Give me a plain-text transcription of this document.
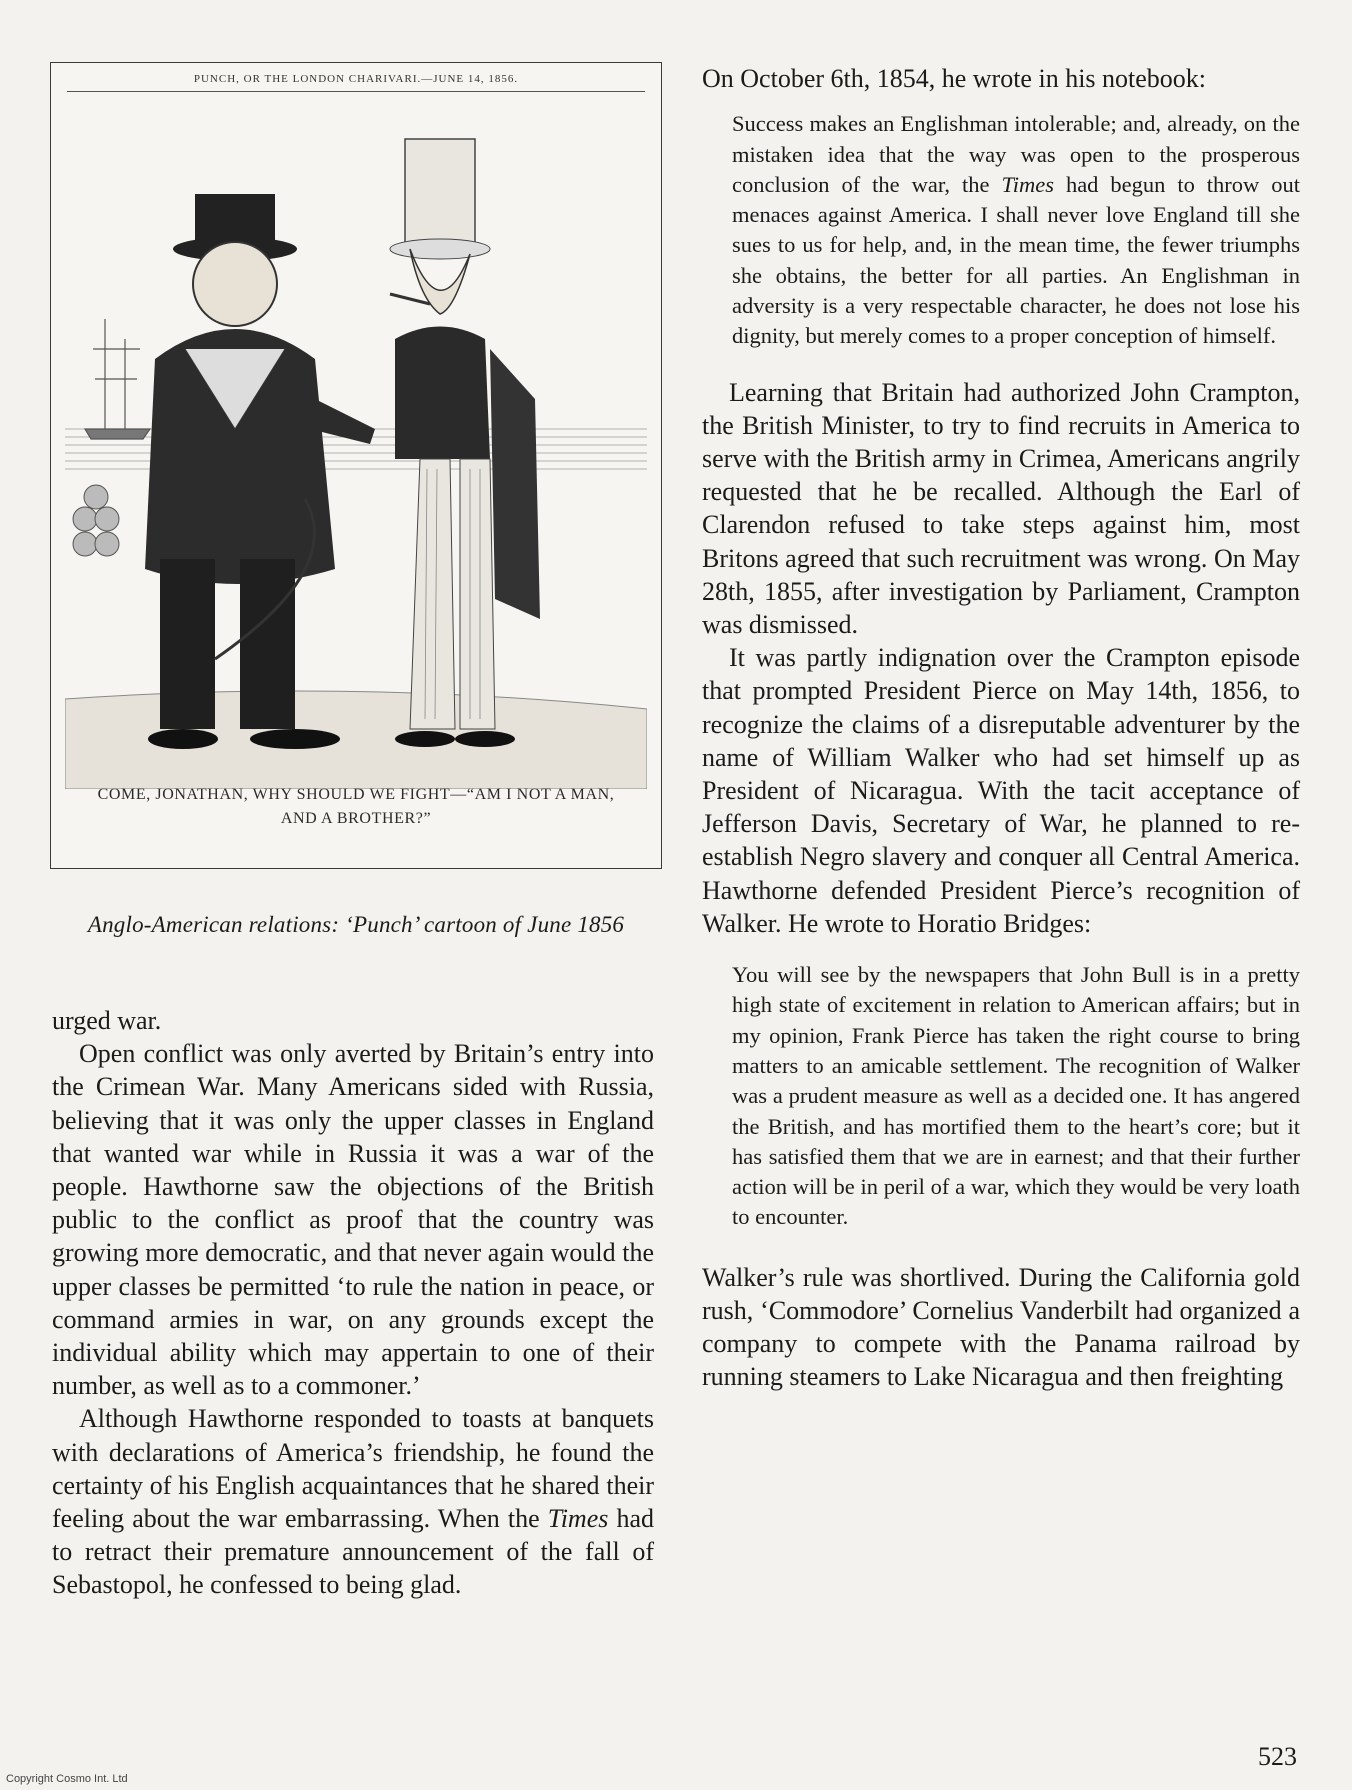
PUNCH, OR THE LONDON CHARIVARI.—JUNE 14, 1856.
COME, JONATHAN, WHY SHOULD WE FIGHT—“AM I NOT A MAN,
AND A BROTHER?”
Anglo-American relations: ‘Punch’ cartoon of June 1856

urged war.

Open conflict was only averted by Britain’s entry into the Crimean War. Many Americans sided with Russia, believing that it was only the upper classes in England that wanted war while in Russia it was a war of the people. Hawthorne saw the objections of the British public to the conflict as proof that the country was growing more democratic, and that never again would the upper classes be permitted ‘to rule the nation in peace, or command armies in war, on any grounds except the individual ability which may appertain to one of their number, as well as to a commoner.’

Although Hawthorne responded to toasts at banquets with declarations of America’s friendship, he found the certainty of his English acquaintances that he shared their feeling about the war embarrassing. When the Times had to retract their premature announcement of the fall of Sebastopol, he confessed to being glad.

On October 6th, 1854, he wrote in his notebook:

Success makes an Englishman intolerable; and, already, on the mistaken idea that the way was open to the prosperous conclusion of the war, the Times had begun to throw out menaces against America. I shall never love England till she sues to us for help, and, in the mean time, the fewer triumphs she obtains, the better for all parties. An Englishman in adversity is a very respectable character, he does not lose his dignity, but merely comes to a proper conception of himself.

Learning that Britain had authorized John Crampton, the British Minister, to try to find recruits in America to serve with the British army in Crimea, Americans angrily requested that he be recalled. Although the Earl of Clarendon refused to take steps against him, most Britons agreed that such recruitment was wrong. On May 28th, 1855, after investigation by Parliament, Crampton was dismissed.

It was partly indignation over the Crampton episode that prompted President Pierce on May 14th, 1856, to recognize the claims of a disreputable adventurer by the name of William Walker who had set himself up as President of Nicaragua. With the tacit acceptance of Jefferson Davis, Secretary of War, he planned to re-establish Negro slavery and conquer all Central America. Hawthorne defended President Pierce’s recognition of Walker. He wrote to Horatio Bridges:

You will see by the newspapers that John Bull is in a pretty high state of excitement in relation to American affairs; but in my opinion, Frank Pierce has taken the right course to bring matters to an amicable settlement. The recognition of Walker was a prudent measure as well as a decided one. It has angered the British, and has mortified them to the heart’s core; but it has satisfied them that we are in earnest; and that their further action will be in peril of a war, which they would be very loath to encounter.

Walker’s rule was shortlived. During the California gold rush, ‘Commodore’ Cornelius Vanderbilt had organized a company to compete with the Panama railroad by running steamers to Lake Nicaragua and then freighting

523
Copyright Cosmo Int. Ltd
